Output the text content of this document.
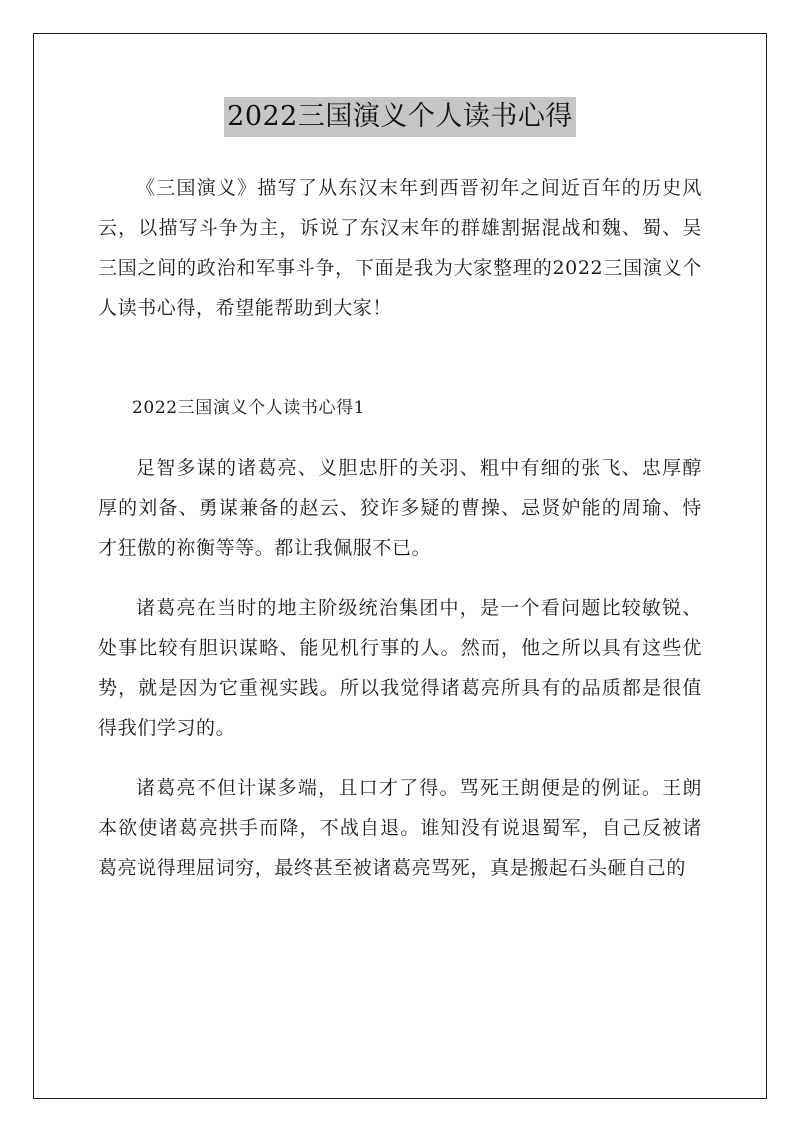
2022三国演义个人读书心得

《三国演义》描写了从东汉末年到西晋初年之间近百年的历史风云，以描写斗争为主，诉说了东汉末年的群雄割据混战和魏、蜀、吴三国之间的政治和军事斗争，下面是我为大家整理的2022三国演义个人读书心得，希望能帮助到大家！

2022三国演义个人读书心得1

足智多谋的诸葛亮、义胆忠肝的关羽、粗中有细的张飞、忠厚醇厚的刘备、勇谋兼备的赵云、狡诈多疑的曹操、忌贤妒能的周瑜、恃才狂傲的祢衡等等。都让我佩服不已。

诸葛亮在当时的地主阶级统治集团中，是一个看问题比较敏锐、处事比较有胆识谋略、能见机行事的人。然而，他之所以具有这些优势，就是因为它重视实践。所以我觉得诸葛亮所具有的品质都是很值得我们学习的。

诸葛亮不但计谋多端，且口才了得。骂死王朗便是的例证。王朗本欲使诸葛亮拱手而降，不战自退。谁知没有说退蜀军，自己反被诸葛亮说得理屈词穷，最终甚至被诸葛亮骂死，真是搬起石头砸自己的
